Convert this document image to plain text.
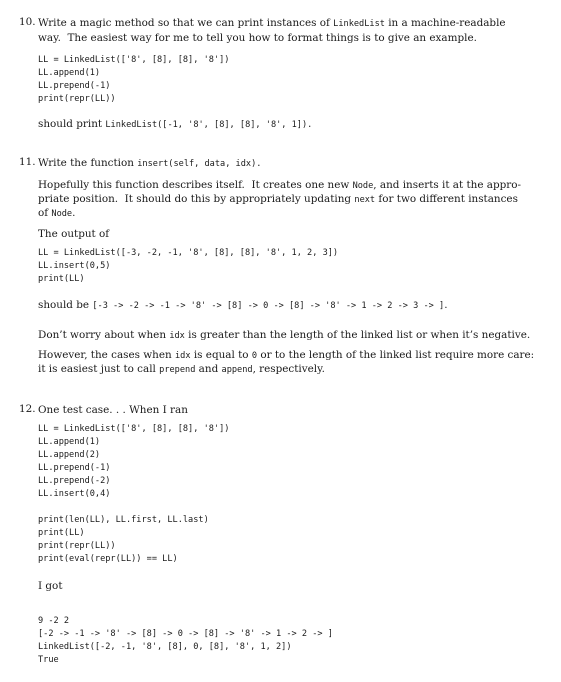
10. Write a magic method so that we can print instances of LinkedList in a machine-readable
way.  The easiest way for me to tell you how to format things is to give an example.
LL = LinkedList(['8', [8], [8], '8'])
LL.append(1)
LL.prepend(-1)
print(repr(LL))
should print LinkedList([-1, '8', [8], [8], '8', 1]).
11. Write the function insert(self, data, idx).
Hopefully this function describes itself.  It creates one new Node, and inserts it at the appro-
priate position.  It should do this by appropriately updating next for two different instances
of Node.
The output of
LL = LinkedList([-3, -2, -1, '8', [8], [8], '8', 1, 2, 3])
LL.insert(0,5)
print(LL)
should be [-3 -> -2 -> -1 -> '8' -> [8] -> 0 -> [8] -> '8' -> 1 -> 2 -> 3 -> ].
Don’t worry about when idx is greater than the length of the linked list or when it’s negative.
However, the cases when idx is equal to 0 or to the length of the linked list require more care:
it is easiest just to call prepend and append, respectively.
12. One test case. . . When I ran
LL = LinkedList(['8', [8], [8], '8'])
LL.append(1)
LL.append(2)
LL.prepend(-1)
LL.prepend(-2)
LL.insert(0,4)
print(len(LL), LL.first, LL.last)
print(LL)
print(repr(LL))
print(eval(repr(LL)) == LL)
I got
9 -2 2
[-2 -> -1 -> '8' -> [8] -> 0 -> [8] -> '8' -> 1 -> 2 -> ]
LinkedList([-2, -1, '8', [8], 0, [8], '8', 1, 2])
True
